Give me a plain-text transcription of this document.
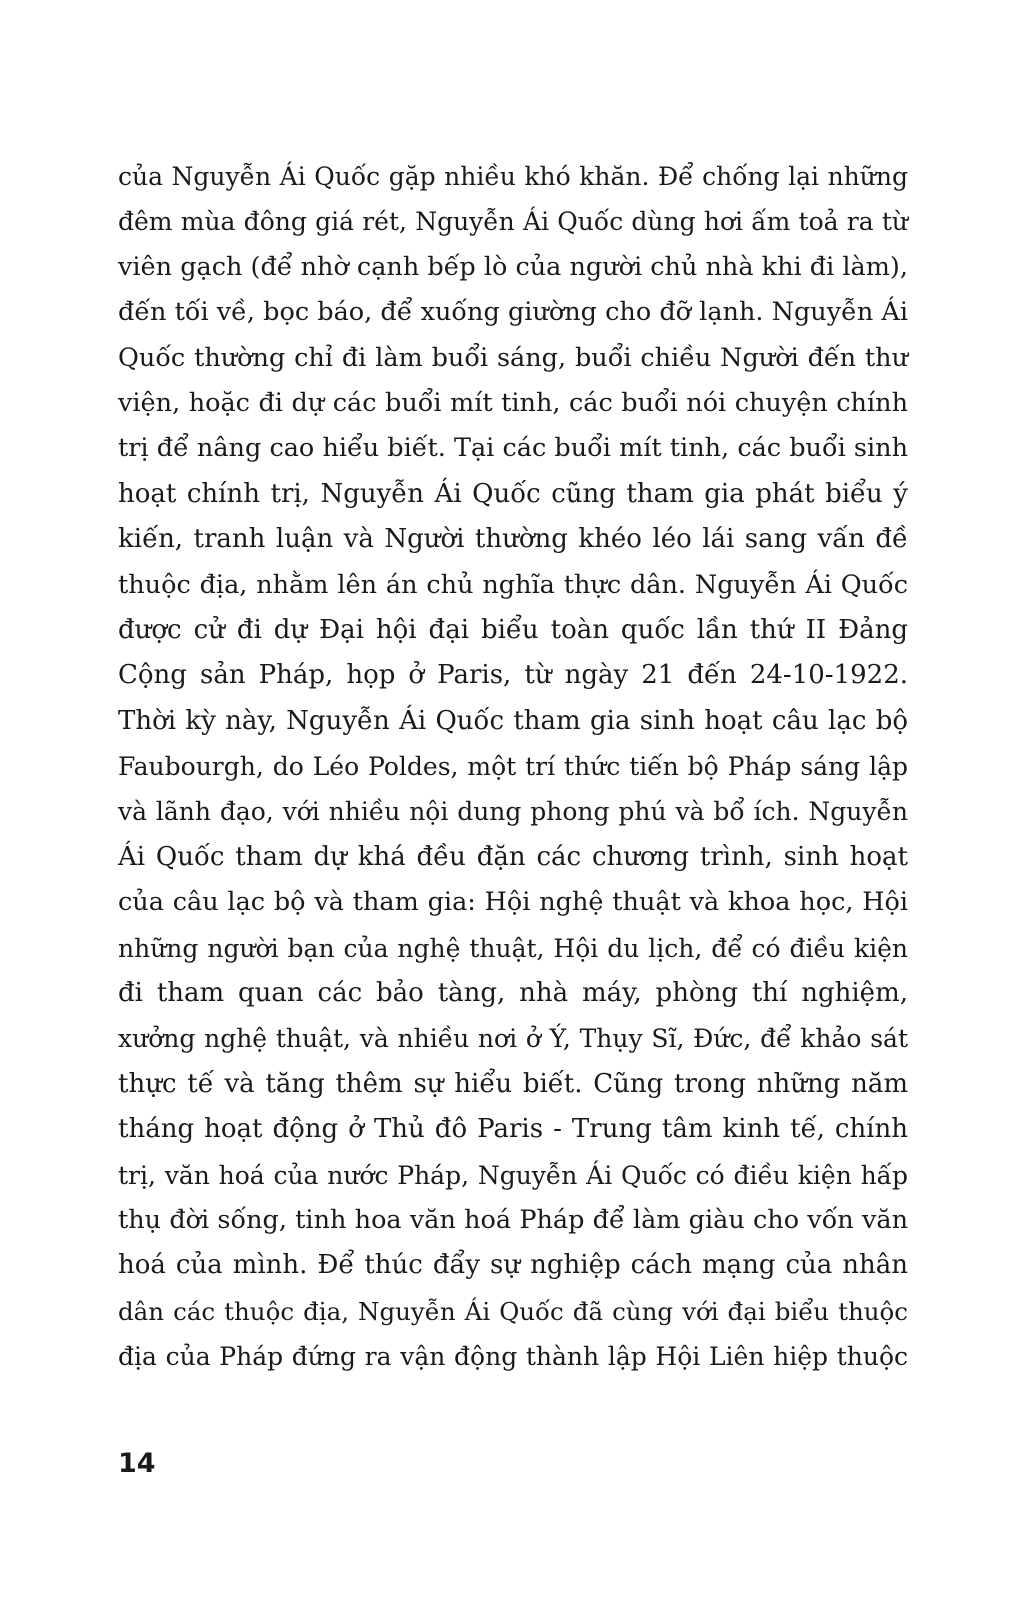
của Nguyễn Ái Quốc gặp nhiều khó khăn. Để chống lại những
đêm mùa đông giá rét, Nguyễn Ái Quốc dùng hơi ấm toả ra từ
viên gạch (để nhờ cạnh bếp lò của người chủ nhà khi đi làm),
đến tối về, bọc báo, để xuống giường cho đỡ lạnh. Nguyễn Ái
Quốc thường chỉ đi làm buổi sáng, buổi chiều Người đến thư
viện, hoặc đi dự các buổi mít tinh, các buổi nói chuyện chính
trị để nâng cao hiểu biết. Tại các buổi mít tinh, các buổi sinh
hoạt chính trị, Nguyễn Ái Quốc cũng tham gia phát biểu ý
kiến, tranh luận và Người thường khéo léo lái sang vấn đề
thuộc địa, nhằm lên án chủ nghĩa thực dân. Nguyễn Ái Quốc
được cử đi dự Đại hội đại biểu toàn quốc lần thứ II Đảng
Cộng sản Pháp, họp ở Paris, từ ngày 21 đến 24-10-1922.
Thời kỳ này, Nguyễn Ái Quốc tham gia sinh hoạt câu lạc bộ
Faubourgh, do Léo Poldes, một trí thức tiến bộ Pháp sáng lập
và lãnh đạo, với nhiều nội dung phong phú và bổ ích. Nguyễn
Ái Quốc tham dự khá đều đặn các chương trình, sinh hoạt
của câu lạc bộ và tham gia: Hội nghệ thuật và khoa học, Hội
những người bạn của nghệ thuật, Hội du lịch, để có điều kiện
đi tham quan các bảo tàng, nhà máy, phòng thí nghiệm,
xưởng nghệ thuật, và nhiều nơi ở Ý, Thụy Sĩ, Đức, để khảo sát
thực tế và tăng thêm sự hiểu biết. Cũng trong những năm
tháng hoạt động ở Thủ đô Paris - Trung tâm kinh tế, chính
trị, văn hoá của nước Pháp, Nguyễn Ái Quốc có điều kiện hấp
thụ đời sống, tinh hoa văn hoá Pháp để làm giàu cho vốn văn
hoá của mình. Để thúc đẩy sự nghiệp cách mạng của nhân
dân các thuộc địa, Nguyễn Ái Quốc đã cùng với đại biểu thuộc
địa của Pháp đứng ra vận động thành lập Hội Liên hiệp thuộc
14
